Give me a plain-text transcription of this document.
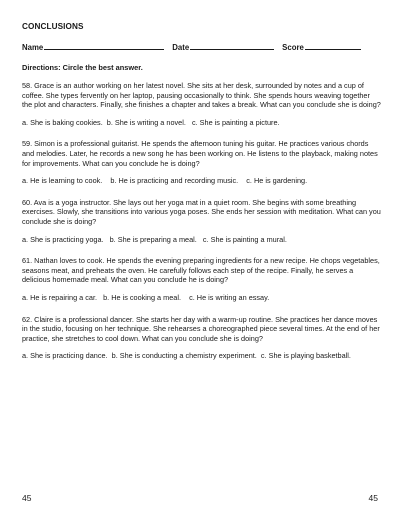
CONCLUSIONS
Name	Date	Score
Directions: Circle the best answer.
58. Grace is an author working on her latest novel. She sits at her desk, surrounded by notes and a cup of coffee. She types fervently on her laptop, pausing occasionally to think. She spends hours weaving together the plot and characters. Finally, she finishes a chapter and takes a break. What can you conclude she is doing?
a. She is baking cookies.  b. She is writing a novel.   c. She is painting a picture.
59. Simon is a professional guitarist. He spends the afternoon tuning his guitar. He practices various chords and melodies. Later, he records a new song he has been working on. He listens to the playback, making notes for improvements. What can you conclude he is doing?
a. He is learning to cook.    b. He is practicing and recording music.    c. He is gardening.
60. Ava is a yoga instructor. She lays out her yoga mat in a quiet room. She begins with some breathing exercises. Slowly, she transitions into various yoga poses. She ends her session with meditation. What can you conclude she is doing?
a. She is practicing yoga.   b. She is preparing a meal.   c. She is painting a mural.
61. Nathan loves to cook. He spends the evening preparing ingredients for a new recipe. He chops vegetables, seasons meat, and preheats the oven. He carefully follows each step of the recipe. Finally, he serves a delicious homemade meal. What can you conclude he is doing?
a. He is repairing a car.   b. He is cooking a meal.    c. He is writing an essay.
62. Claire is a professional dancer. She starts her day with a warm-up routine. She practices her dance moves in the studio, focusing on her technique. She rehearses a choreographed piece several times. At the end of her practice, she stretches to cool down. What can you conclude she is doing?
a. She is practicing dance.  b. She is conducting a chemistry experiment.  c. She is playing basketball.
45	45
